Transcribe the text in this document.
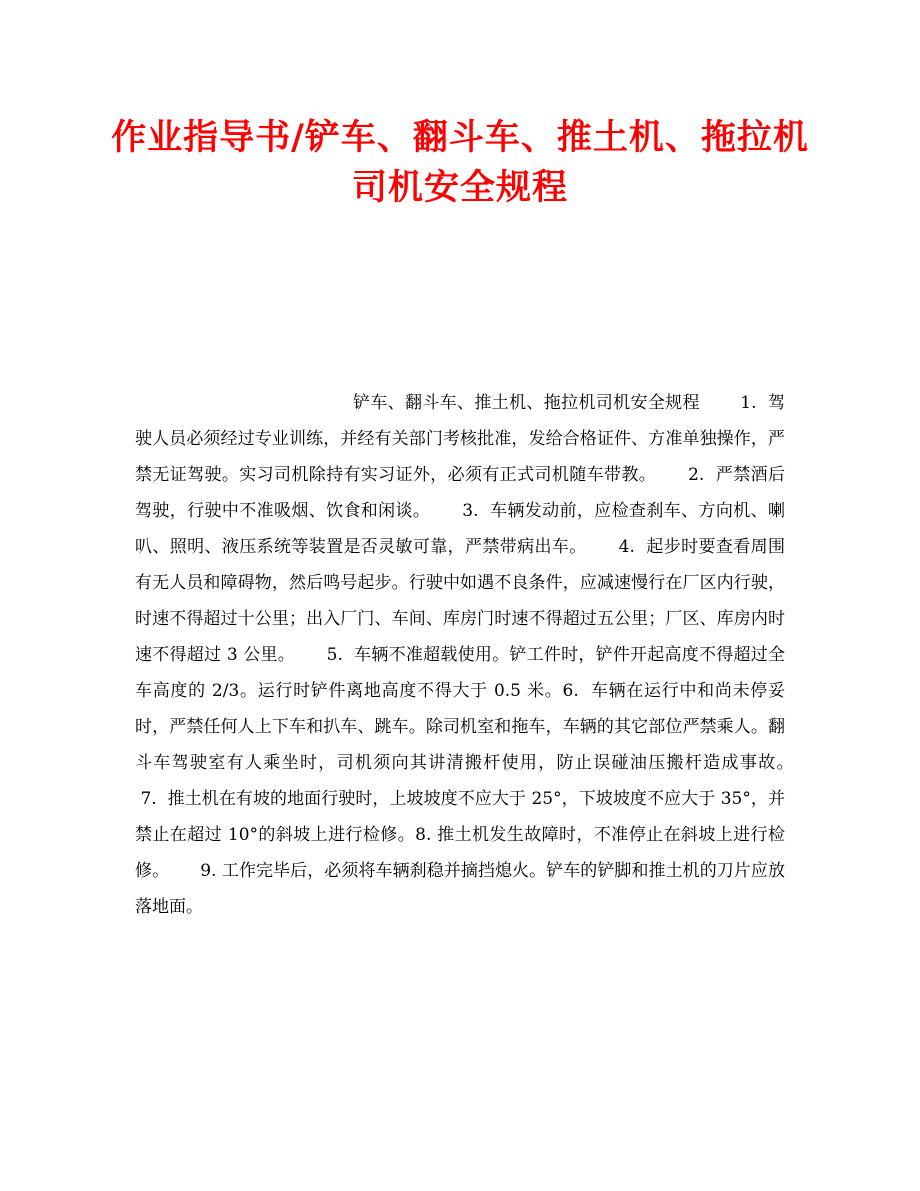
作业指导书/铲车、翻斗车、推土机、拖拉机
司机安全规程

铲车、翻斗车、推土机、拖拉机司机安全规程　　 1.  驾驶人员必须经过专业训练，并经有关部门考核批准，发给合格证件、方准单独操作，严禁无证驾驶。实习司机除持有实习证外，必须有正式司机随车带教。　　 2.  严禁酒后驾驶，行驶中不准吸烟、饮食和闲谈。　　 3.  车辆发动前，应检查刹车、方向机、喇叭、照明、液压系统等装置是否灵敏可靠，严禁带病出车。　　 4.  起步时要查看周围有无人员和障碍物，然后鸣号起步。行驶中如遇不良条件，应减速慢行在厂区内行驶，时速不得超过十公里；出入厂门、车间、库房门时速不得超过五公里；厂区、库房内时速不得超过 3 公里。　　 5.  车辆不准超载使用。铲工件时，铲件开起高度不得超过全车高度的 2/3。运行时铲件离地高度不得大于 0.5 米。6.  车辆在运行中和尚未停妥时，严禁任何人上下车和扒车、跳车。除司机室和拖车，车辆的其它部位严禁乘人。翻斗车驾驶室有人乘坐时，司机须向其讲清搬杆使用，防止误碰油压搬杆造成事故。　　 7.  推土机在有坡的地面行驶时，上坡坡度不应大于 25°，下坡坡度不应大于 35°，并禁止在超过 10°的斜坡上进行检修。8. 推土机发生故障时，不准停止在斜坡上进行检修。　　 9. 工作完毕后，必须将车辆刹稳并摘挡熄火。铲车的铲脚和推土机的刀片应放落地面。
